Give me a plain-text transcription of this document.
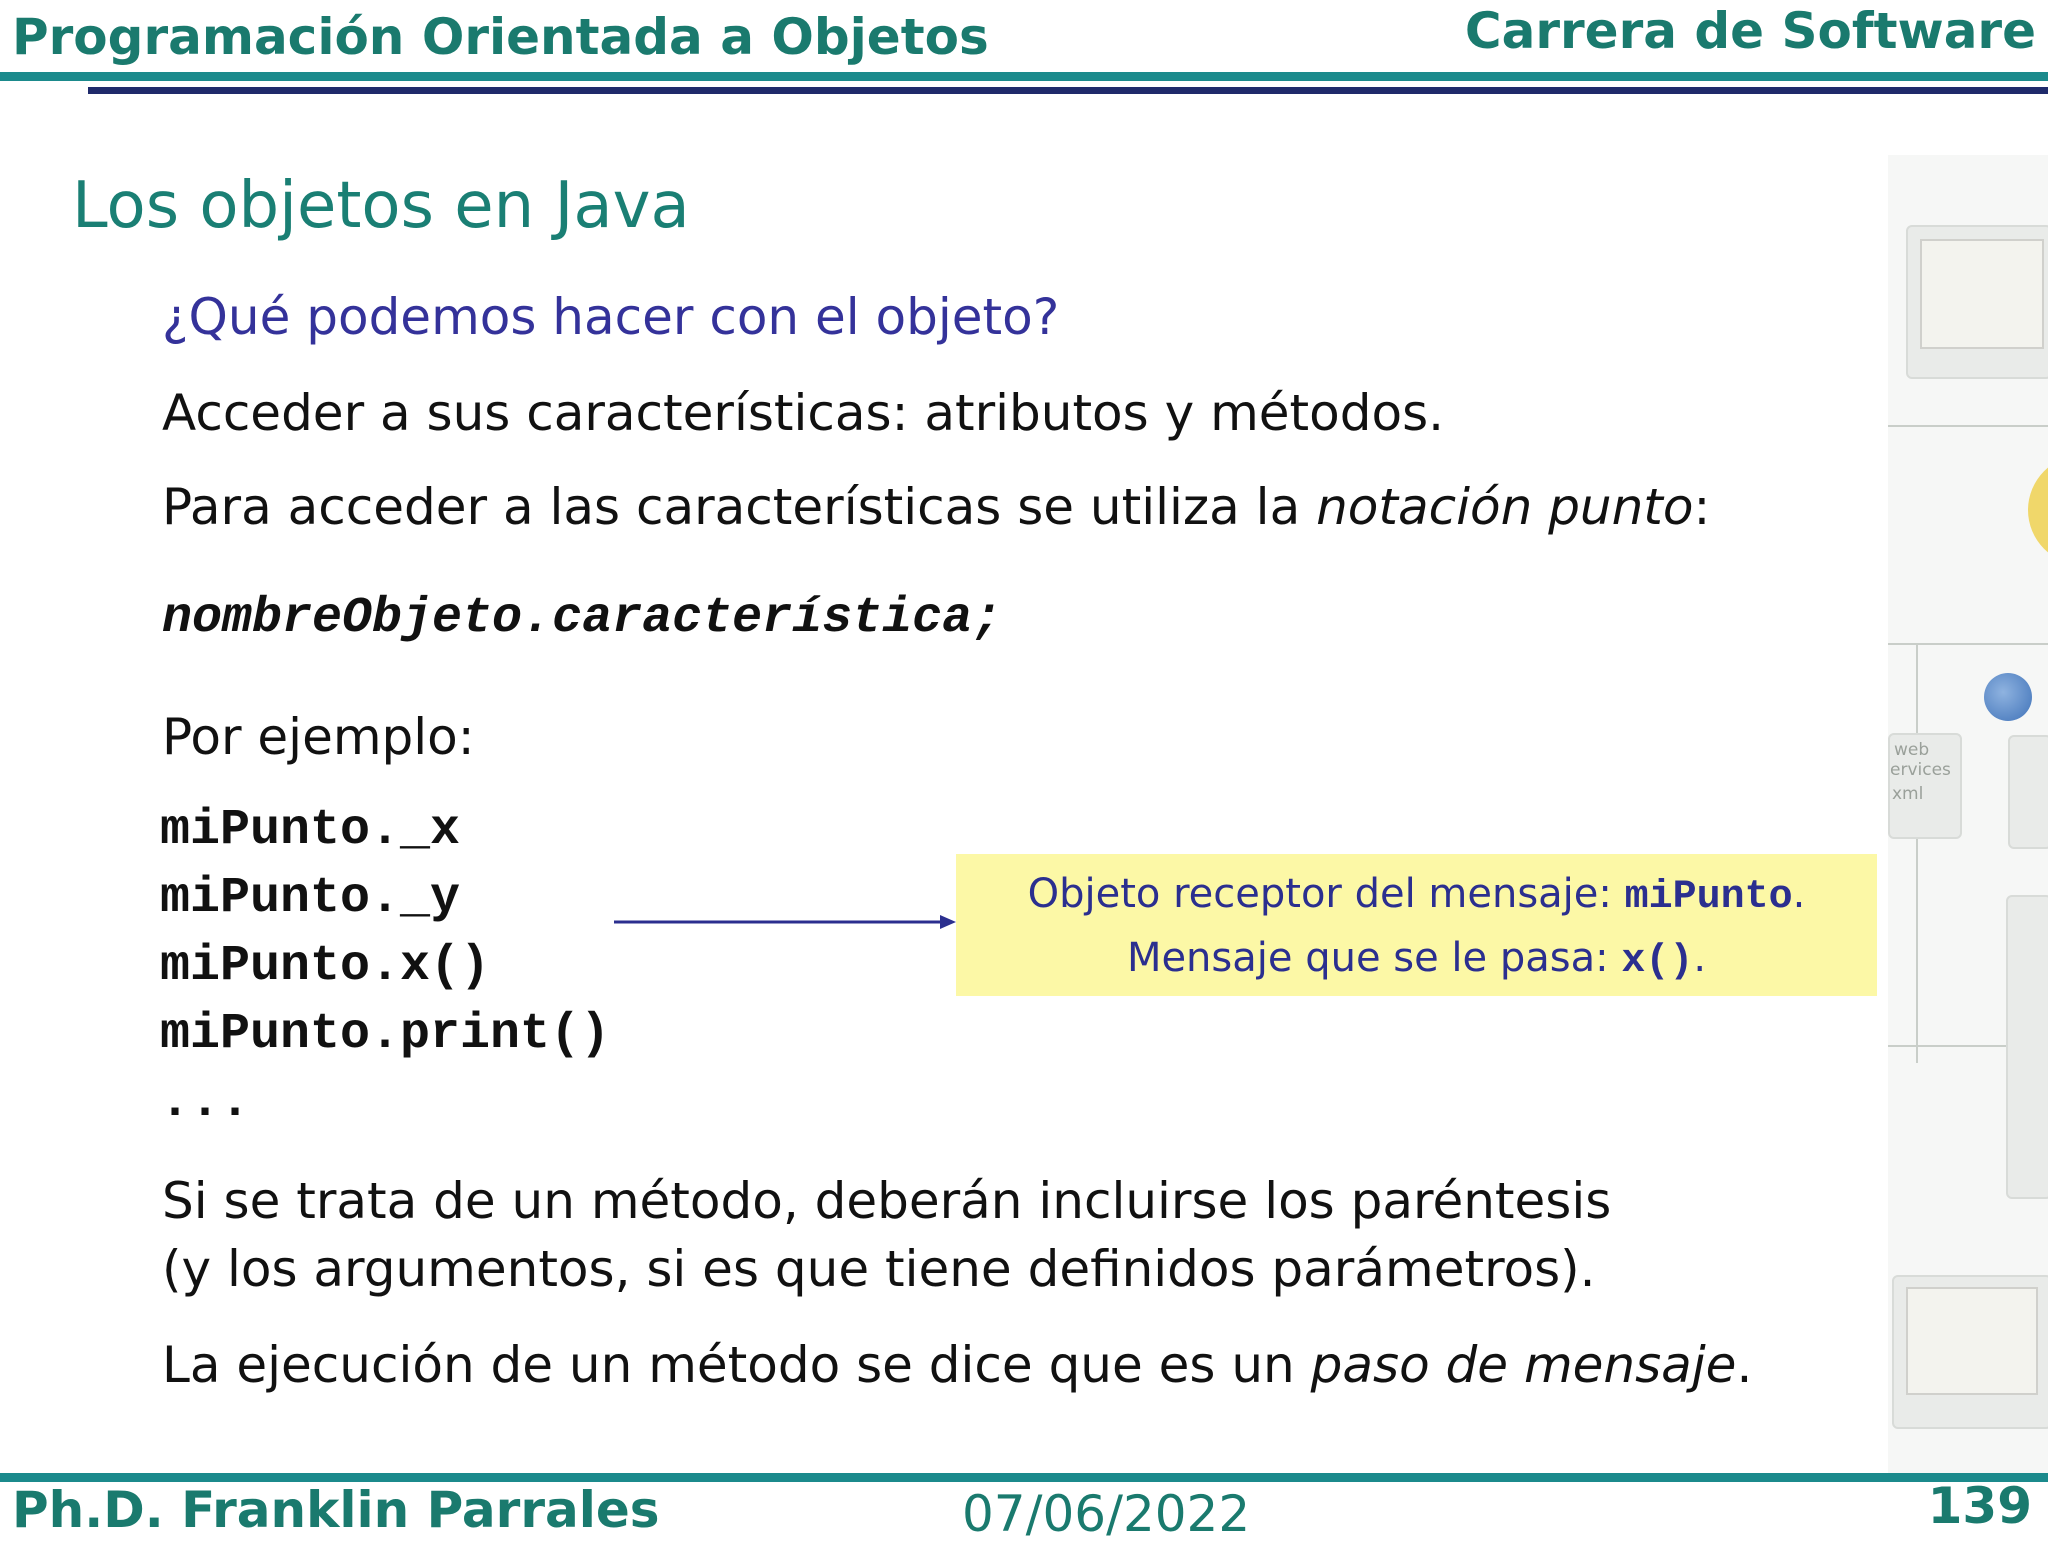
Programación Orientada a Objetos	Carrera de Software

web

ervices

xml

Los objetos en Java

¿Qué podemos hacer con el objeto?

Acceder a sus características: atributos y métodos.

Para acceder a las características se utiliza la notación punto:

nombreObjeto.característica;

Por ejemplo:

miPunto._x

miPunto._y

miPunto.x()

miPunto.print()

...

Objeto receptor del mensaje: miPunto.

Mensaje que se le pasa: x().

Si se trata de un método, deberán incluirse los paréntesis

(y los argumentos, si es que tiene definidos parámetros).

La ejecución de un método se dice que es un paso de mensaje.

Ph.D. Franklin Parrales	07/06/2022	139
